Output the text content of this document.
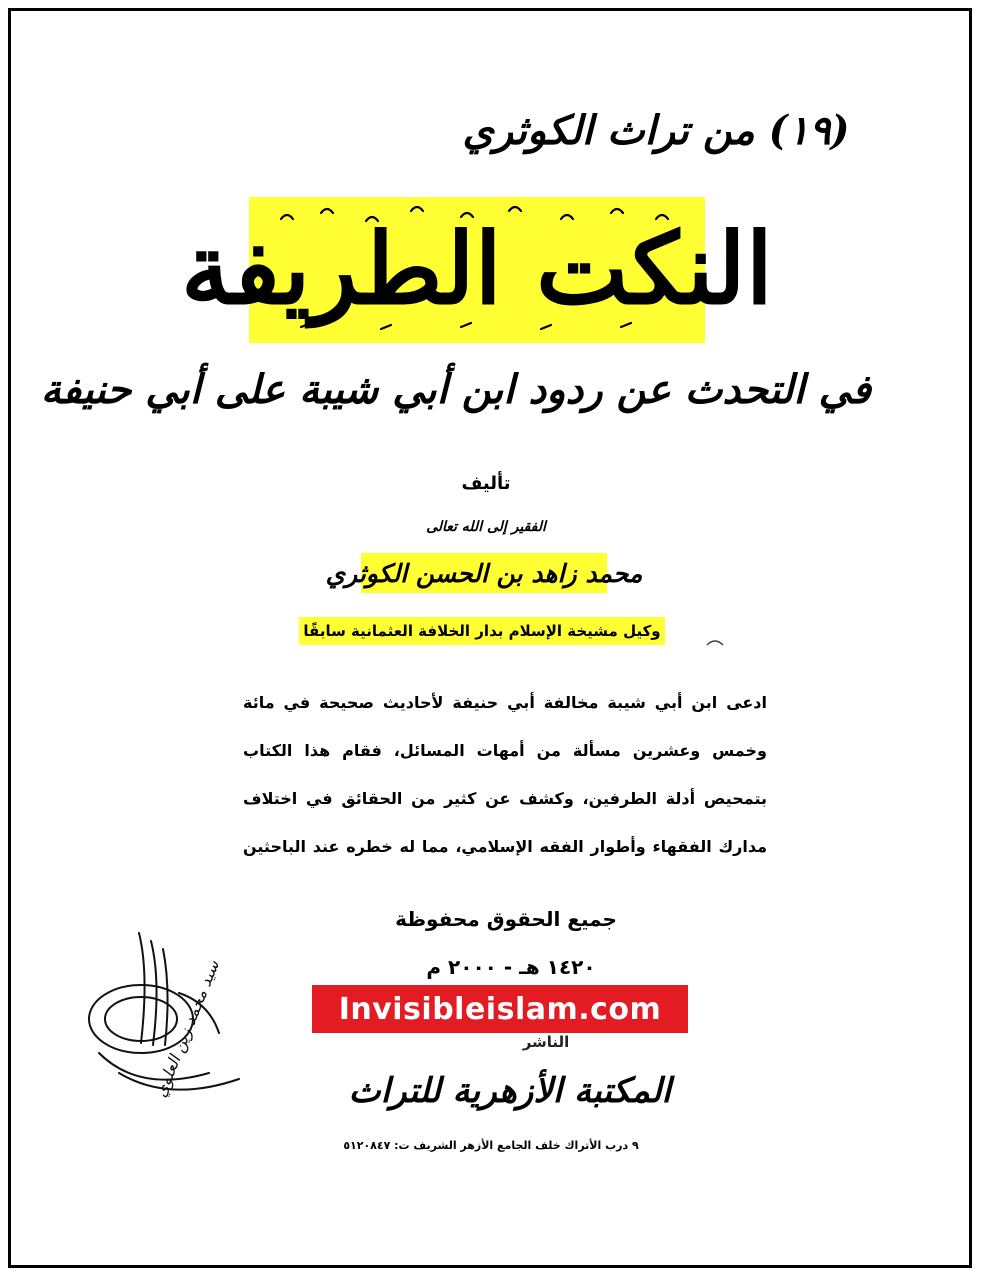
(١٩) من تراث الكوثري
النكت الطريفة
في التحدث عن ردود ابن أبي شيبة على أبي حنيفة
تأليف
الفقير إلى الله تعالى
محمد زاهد بن الحسن الكوثري
وكيل مشيخة الإسلام بدار الخلافة العثمانية سابقًا
ادعى ابن أبي شيبة مخالفة أبي حنيفة لأحاديث صحيحة في مائة
وخمس وعشرين مسألة من أمهات المسائل، فقام هذا الكتاب
بتمحيص أدلة الطرفين، وكشف عن كثير من الحقائق في اختلاف
مدارك الفقهاء وأطوار الفقه الإسلامي، مما له خطره عند الباحثين
جميع الحقوق محفوظة
١٤٢٠ هـ - ٢٠٠٠ م
سيد محمد زين العلوي	Invisibleislam.com
الناشر
المكتبة الأزهرية للتراث
٩ درب الأتراك خلف الجامع الأزهر الشريف ت: ٥١٢٠٨٤٧
